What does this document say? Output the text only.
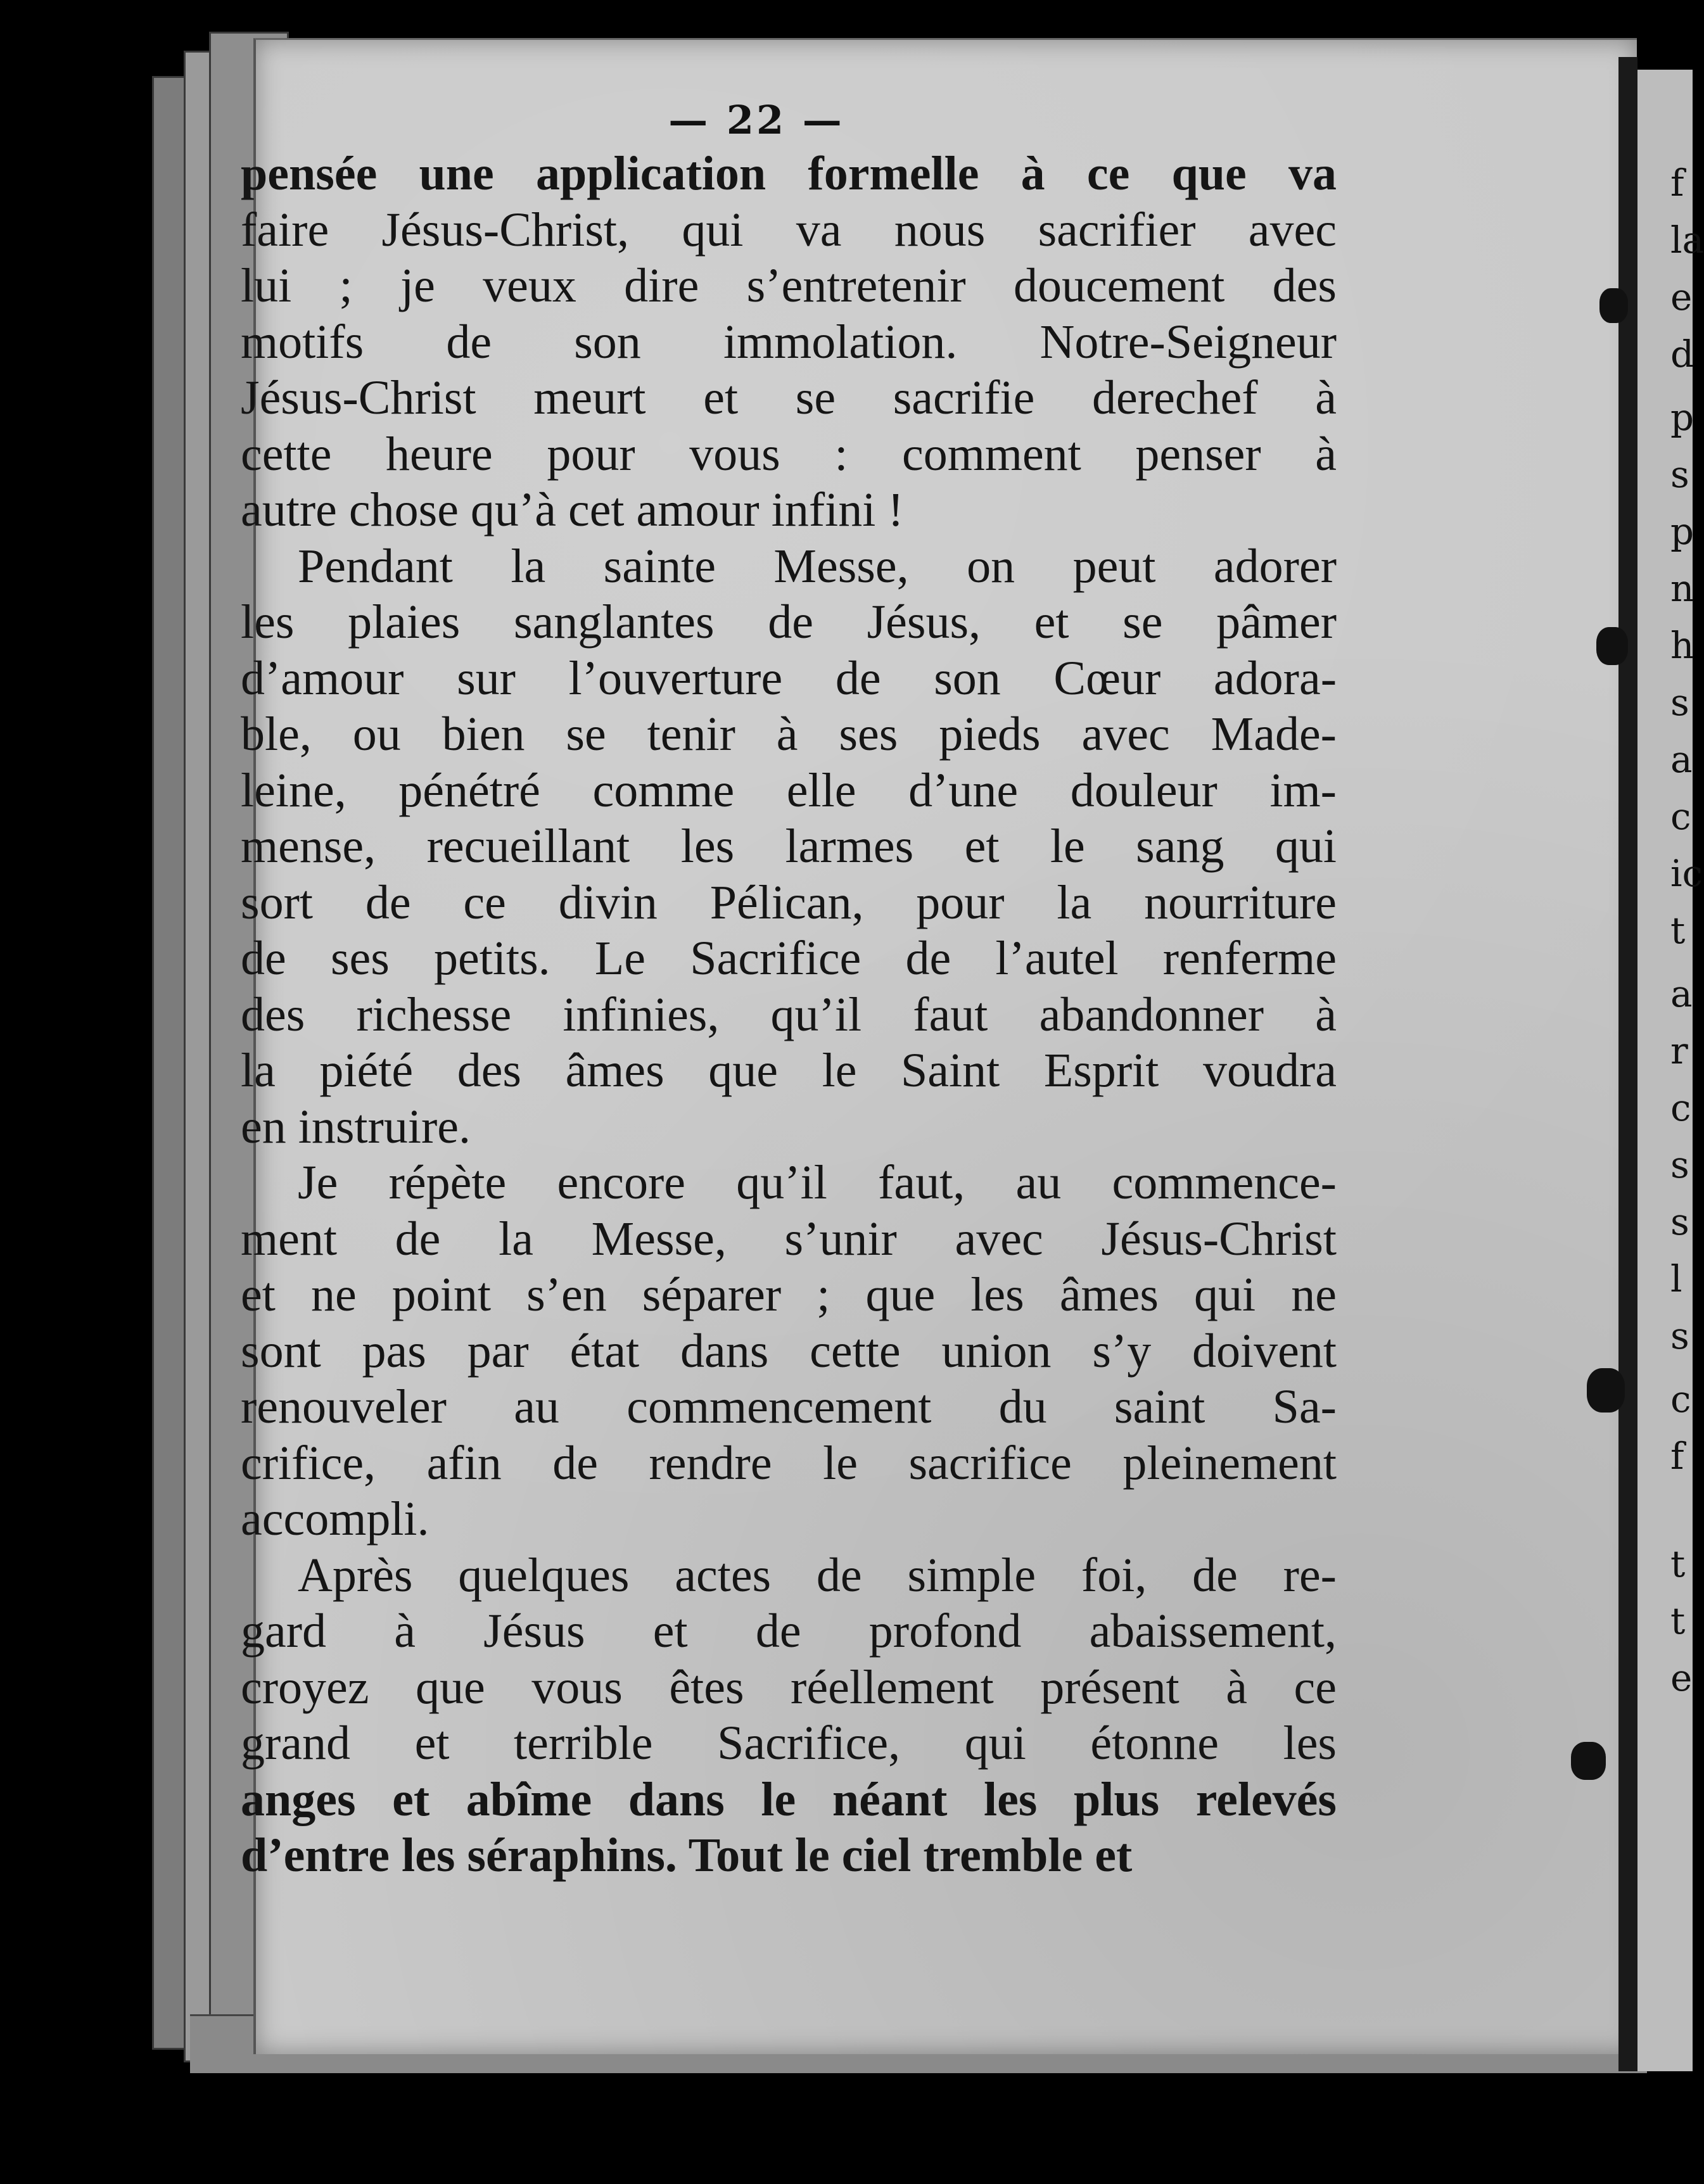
— 22 —
f
la
e
d
p
s
p
n
h
s
a
c
ic
t
a
r
c
s
s
l
s
c
f
t
t
e
pensée une application formelle à ce que va
faire Jésus-Christ, qui va nous sacrifier avec
lui ; je veux dire s’entretenir doucement des
motifs de son immolation. Notre-Seigneur
Jésus-Christ meurt et se sacrifie derechef à
cette heure pour vous : comment penser à
autre chose qu’à cet amour infini !
Pendant la sainte Messe, on peut adorer
les plaies sanglantes de Jésus, et se pâmer
d’amour sur l’ouverture de son Cœur adora-
ble, ou bien se tenir à ses pieds avec Made-
leine, pénétré comme elle d’une douleur im-
mense, recueillant les larmes et le sang qui
sort de ce divin Pélican, pour la nourriture
de ses petits. Le Sacrifice de l’autel renferme
des richesse infinies, qu’il faut abandonner à
la piété des âmes que le Saint Esprit voudra
en instruire.
Je répète encore qu’il faut, au commence-
ment de la Messe, s’unir avec Jésus-Christ
et ne point s’en séparer ; que les âmes qui ne
sont pas par état dans cette union s’y doivent
renouveler au commencement du saint Sa-
crifice, afin de rendre le sacrifice pleinement
accompli.
Après quelques actes de simple foi, de re-
gard à Jésus et de profond abaissement,
croyez que vous êtes réellement présent à ce
grand et terrible Sacrifice, qui étonne les
anges et abîme dans le néant les plus relevés
d’entre les séraphins. Tout le ciel tremble et
